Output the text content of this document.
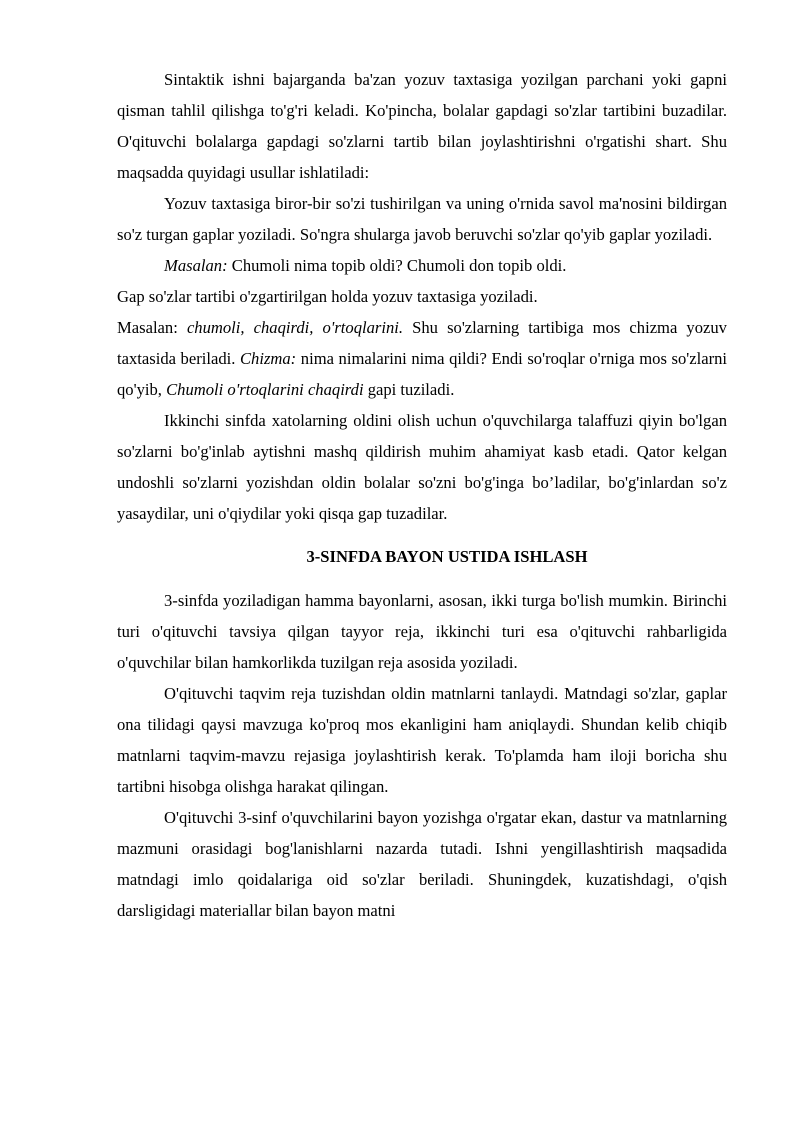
Sintaktik ishni bajarganda ba'zan yozuv taxtasiga yozilgan parchani yoki gapni qisman tahlil qilishga to'g'ri keladi. Ko'pincha, bolalar gapdagi so'zlar tartibini buzadilar. O'qituvchi bolalarga gapdagi so'zlarni tartib bilan joylashtirishni o'rgatishi shart. Shu maqsadda quyidagi usullar ishlatiladi:

Yozuv taxtasiga biror-bir so'zi tushirilgan va uning o'rnida savol ma'nosini bildirgan so'z turgan gaplar yoziladi. So'ngra shularga javob beruvchi so'zlar qo'yib gaplar yoziladi.

Masalan: Chumoli nima topib oldi? Chumoli don topib oldi.

Gap so'zlar tartibi o'zgartirilgan holda yozuv taxtasiga yoziladi.

Masalan: chumoli, chaqirdi, o'rtoqlarini. Shu so'zlarning tartibiga mos chizma yozuv taxtasida beriladi. Chizma: nima nimalarini nima qildi? Endi so'roqlar o'rniga mos so'zlarni qo'yib, Chumoli o'rtoqlarini chaqirdi gapi tuziladi.

Ikkinchi sinfda xatolarning oldini olish uchun o'quvchilarga talaffuzi qiyin bo'lgan so'zlarni bo'g'inlab aytishni mashq qildirish muhim ahamiyat kasb etadi. Qator kelgan undoshli so'zlarni yozishdan oldin bolalar so'zni bo'g'inga bo’ladilar, bo'g'inlardan so'z yasaydilar, uni o'qiydilar yoki qisqa gap tuzadilar.

3-SINFDA BAYON USTIDA ISHLASH

3-sinfda yoziladigan hamma bayonlarni, asosan, ikki turga bo'lish mumkin. Birinchi turi o'qituvchi tavsiya qilgan tayyor reja, ikkinchi turi esa o'qituvchi rahbarligida o'quvchilar bilan hamkorlikda tuzilgan reja asosida yoziladi.

O'qituvchi taqvim reja tuzishdan oldin matnlarni tanlaydi. Matndagi so'zlar, gaplar ona tilidagi qaysi mavzuga ko'proq mos ekanligini ham aniqlaydi. Shundan kelib chiqib matnlarni taqvim-mavzu rejasiga joylashtirish kerak. To'plamda ham iloji boricha shu tartibni hisobga olishga harakat qilingan.

O'qituvchi 3-sinf o'quvchilarini bayon yozishga o'rgatar ekan, dastur va matnlarning mazmuni orasidagi bog'lanishlarni nazarda tutadi. Ishni yengillashtirish maqsadida matndagi imlo qoidalariga oid so'zlar beriladi. Shuningdek, kuzatishdagi, o'qish darsligidagi materiallar bilan bayon matni
